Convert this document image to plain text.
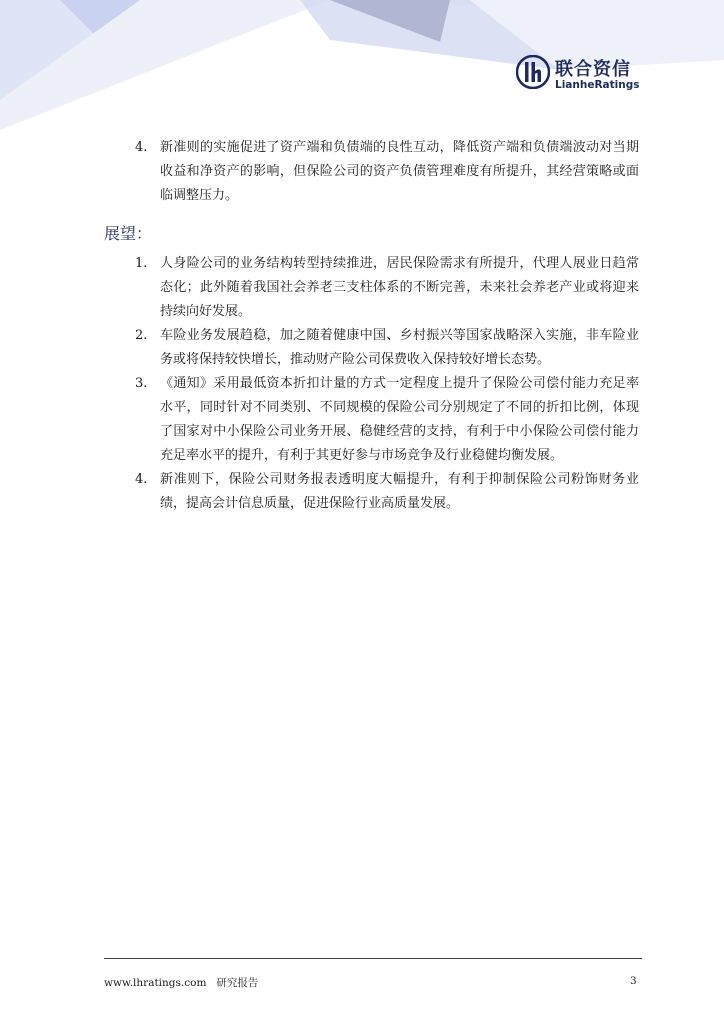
联合资信
LianheRatings
4. 新准则的实施促进了资产端和负债端的良性互动，降低资产端和负债端波动对当期收益和净资产的影响，但保险公司的资产负债管理难度有所提升，其经营策略或面临调整压力。
展望：
1. 人身险公司的业务结构转型持续推进，居民保险需求有所提升，代理人展业日趋常态化；此外随着我国社会养老三支柱体系的不断完善，未来社会养老产业或将迎来持续向好发展。
2. 车险业务发展趋稳，加之随着健康中国、乡村振兴等国家战略深入实施，非车险业务或将保持较快增长，推动财产险公司保费收入保持较好增长态势。
3. 《通知》采用最低资本折扣计量的方式一定程度上提升了保险公司偿付能力充足率水平，同时针对不同类别、不同规模的保险公司分别规定了不同的折扣比例，体现了国家对中小保险公司业务开展、稳健经营的支持，有利于中小保险公司偿付能力充足率水平的提升，有利于其更好参与市场竞争及行业稳健均衡发展。
4. 新准则下，保险公司财务报表透明度大幅提升，有利于抑制保险公司粉饰财务业绩，提高会计信息质量，促进保险行业高质量发展。
www.lhratings.com 研究报告	3
